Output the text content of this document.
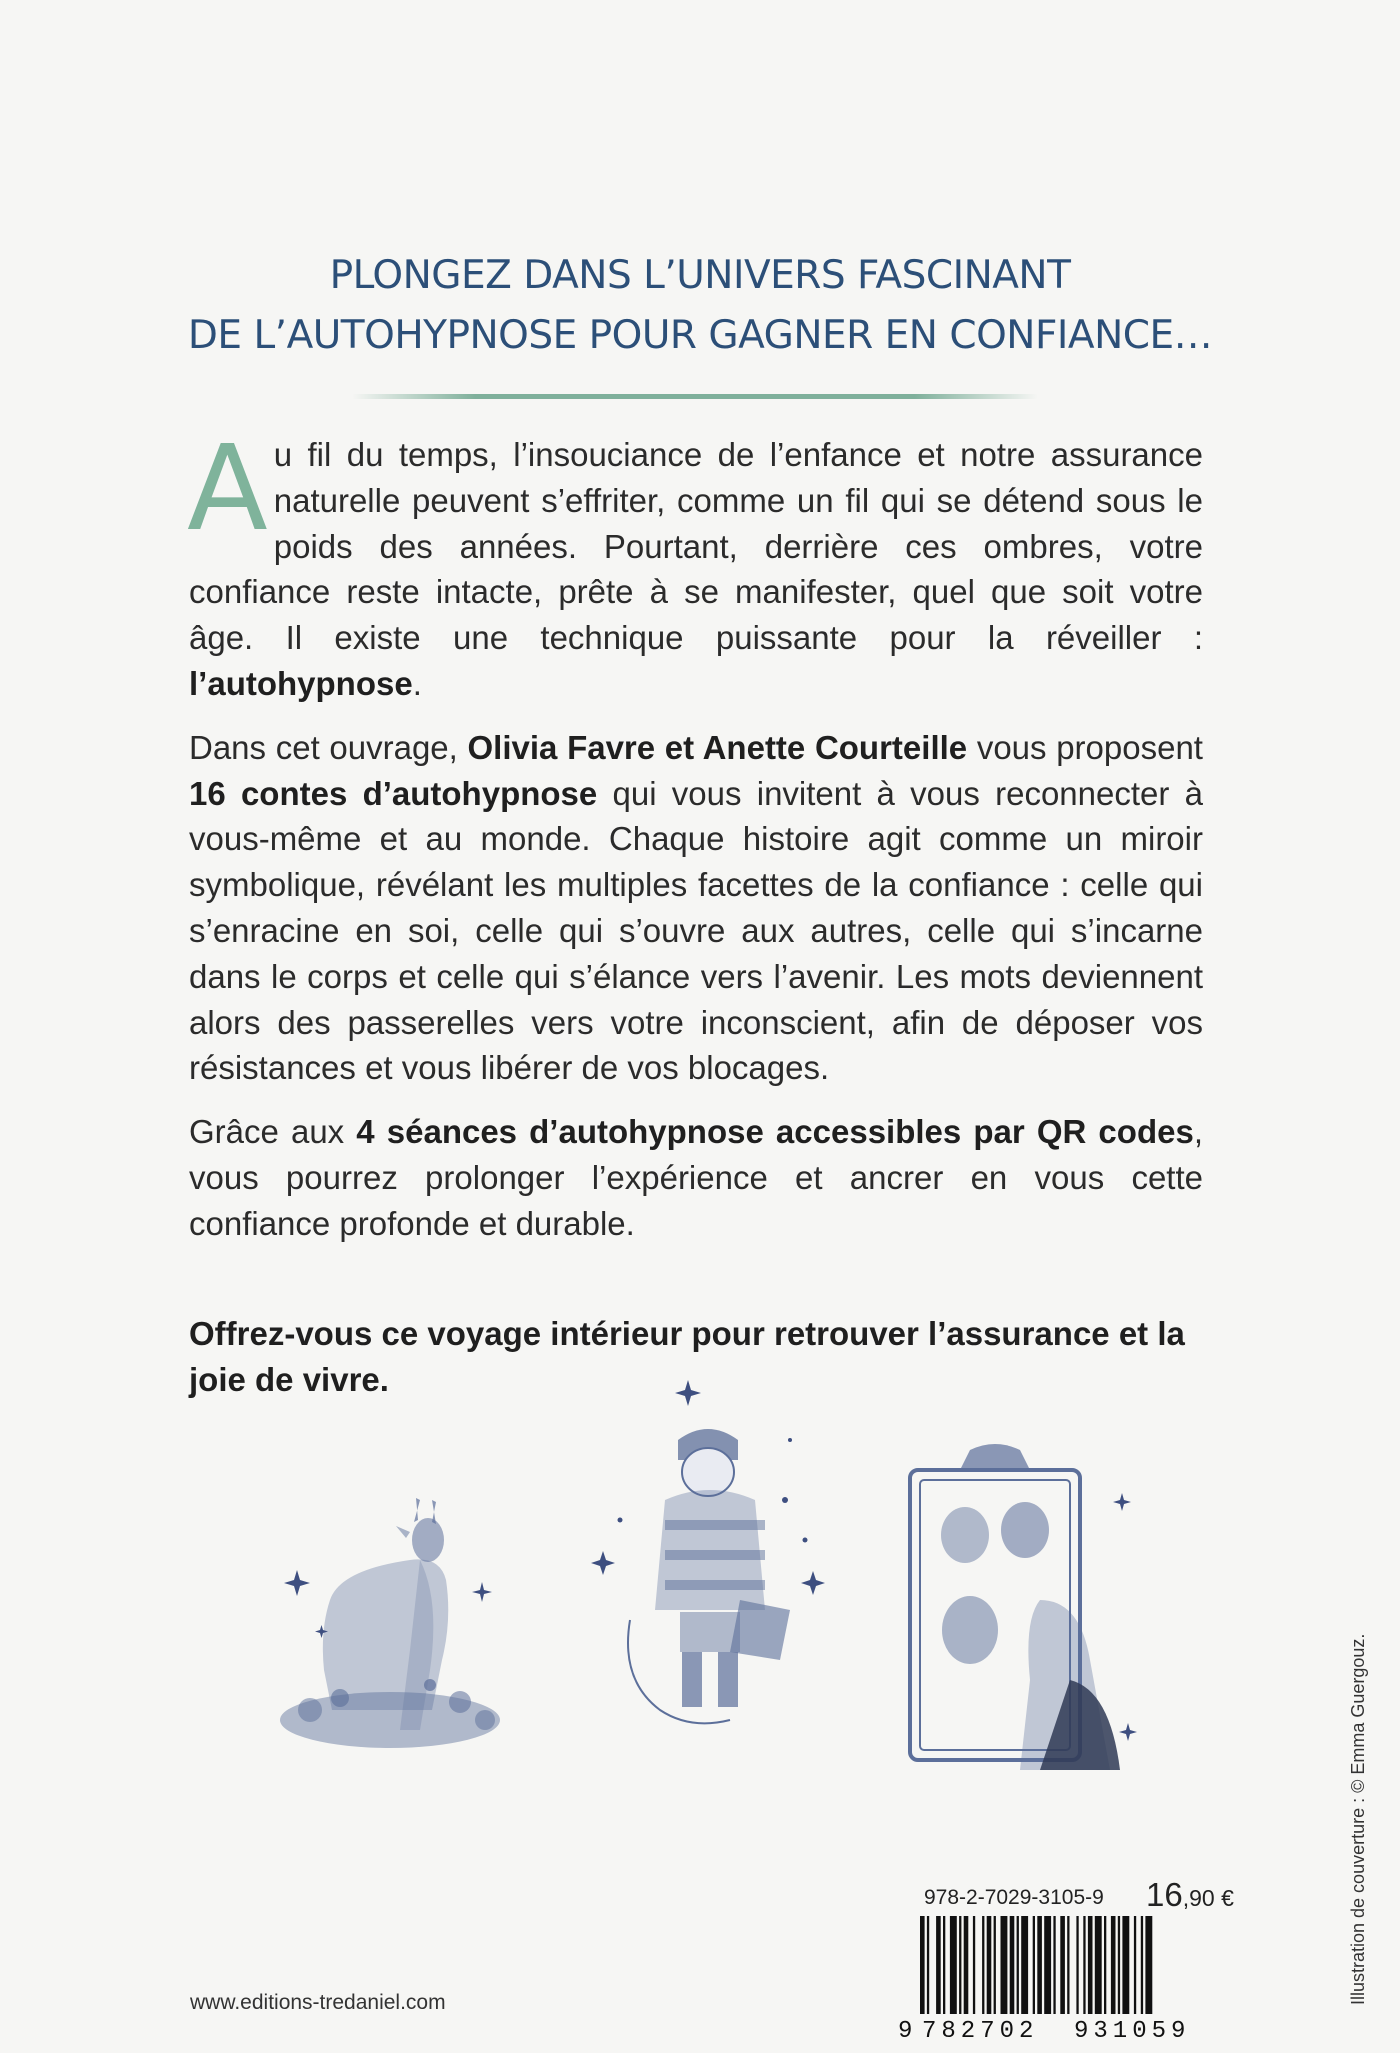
PLONGEZ DANS L’UNIVERS FASCINANT
DE L’AUTOHYPNOSE POUR GAGNER EN CONFIANCE…

Au fil du temps, l’insouciance de l’enfance et notre assurance naturelle peuvent s’effriter, comme un fil qui se détend sous le poids des années. Pourtant, derrière ces ombres, votre confiance reste intacte, prête à se manifester, quel que soit votre âge. Il existe une technique puissante pour la réveiller : l’autohypnose.

Dans cet ouvrage, Olivia Favre et Anette Courteille vous proposent 16 contes d’autohypnose qui vous invitent à vous reconnecter à vous-même et au monde. Chaque histoire agit comme un miroir symbolique, révélant les multiples facettes de la confiance : celle qui s’enracine en soi, celle qui s’ouvre aux autres, celle qui s’incarne dans le corps et celle qui s’élance vers l’avenir. Les mots deviennent alors des passerelles vers votre inconscient, afin de déposer vos résistances et vous libérer de vos blocages.

Grâce aux 4 séances d’autohypnose accessibles par QR codes, vous pourrez prolonger l’expérience et ancrer en vous cette confiance profonde et durable.

Offrez-vous ce voyage intérieur pour retrouver l’assurance et la joie de vivre.
Illustration de couverture : © Emma Guergouz.
978-2-7029-3105-9 16,90 €
9 782702 931059
www.editions-tredaniel.com
